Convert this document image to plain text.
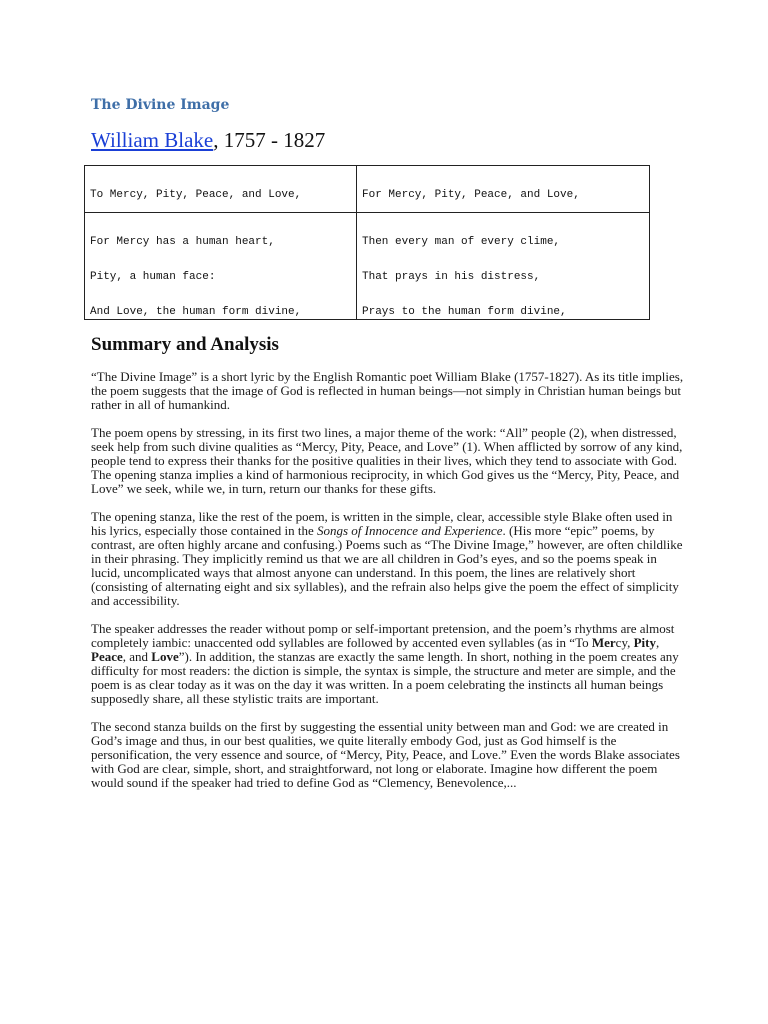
The Divine Image
William Blake, 1757 - 1827

To Mercy, Pity, Peace, and Love,

	For Mercy, Pity, Peace, and Love,

For Mercy has a human heart,

Pity, a human face:

And Love, the human form divine,

Then every man of every clime,

That prays in his distress,

Prays to the human form divine,

Summary and Analysis

“The Divine Image” is a short lyric by the English Romantic poet William Blake (1757-1827). As its title implies, the poem suggests that the image of God is reflected in human beings—not simply in Christian human beings but rather in all of humankind.

The poem opens by stressing, in its first two lines, a major theme of the work: “All” people (2), when distressed, seek help from such divine qualities as “Mercy, Pity, Peace, and Love” (1). When afflicted by sorrow of any kind, people tend to express their thanks for the positive qualities in their lives, which they tend to associate with God. The opening stanza implies a kind of harmonious reciprocity, in which God gives us the “Mercy, Pity, Peace, and Love” we seek, while we, in turn, return our thanks for these gifts.

The opening stanza, like the rest of the poem, is written in the simple, clear, accessible style Blake often used in his lyrics, especially those contained in the Songs of Innocence and Experience. (His more “epic” poems, by contrast, are often highly arcane and confusing.) Poems such as “The Divine Image,” however, are often childlike in their phrasing. They implicitly remind us that we are all children in God’s eyes, and so the poems speak in lucid, uncomplicated ways that almost anyone can understand. In this poem, the lines are relatively short (consisting of alternating eight and six syllables), and the refrain also helps give the poem the effect of simplicity and accessibility.

The speaker addresses the reader without pomp or self-important pretension, and the poem’s rhythms are almost completely iambic: unaccented odd syllables are followed by accented even syllables (as in “To Mercy, Pity, Peace, and Love”). In addition, the stanzas are exactly the same length. In short, nothing in the poem creates any difficulty for most readers: the diction is simple, the syntax is simple, the structure and meter are simple, and the poem is as clear today as it was on the day it was written. In a poem celebrating the instincts all human beings supposedly share, all these stylistic traits are important.

The second stanza builds on the first by suggesting the essential unity between man and God: we are created in God’s image and thus, in our best qualities, we quite literally embody God, just as God himself is the personification, the very essence and source, of “Mercy, Pity, Peace, and Love.” Even the words Blake associates with God are clear, simple, short, and straightforward, not long or elaborate. Imagine how different the poem would sound if the speaker had tried to define God as “Clemency, Benevolence,...
